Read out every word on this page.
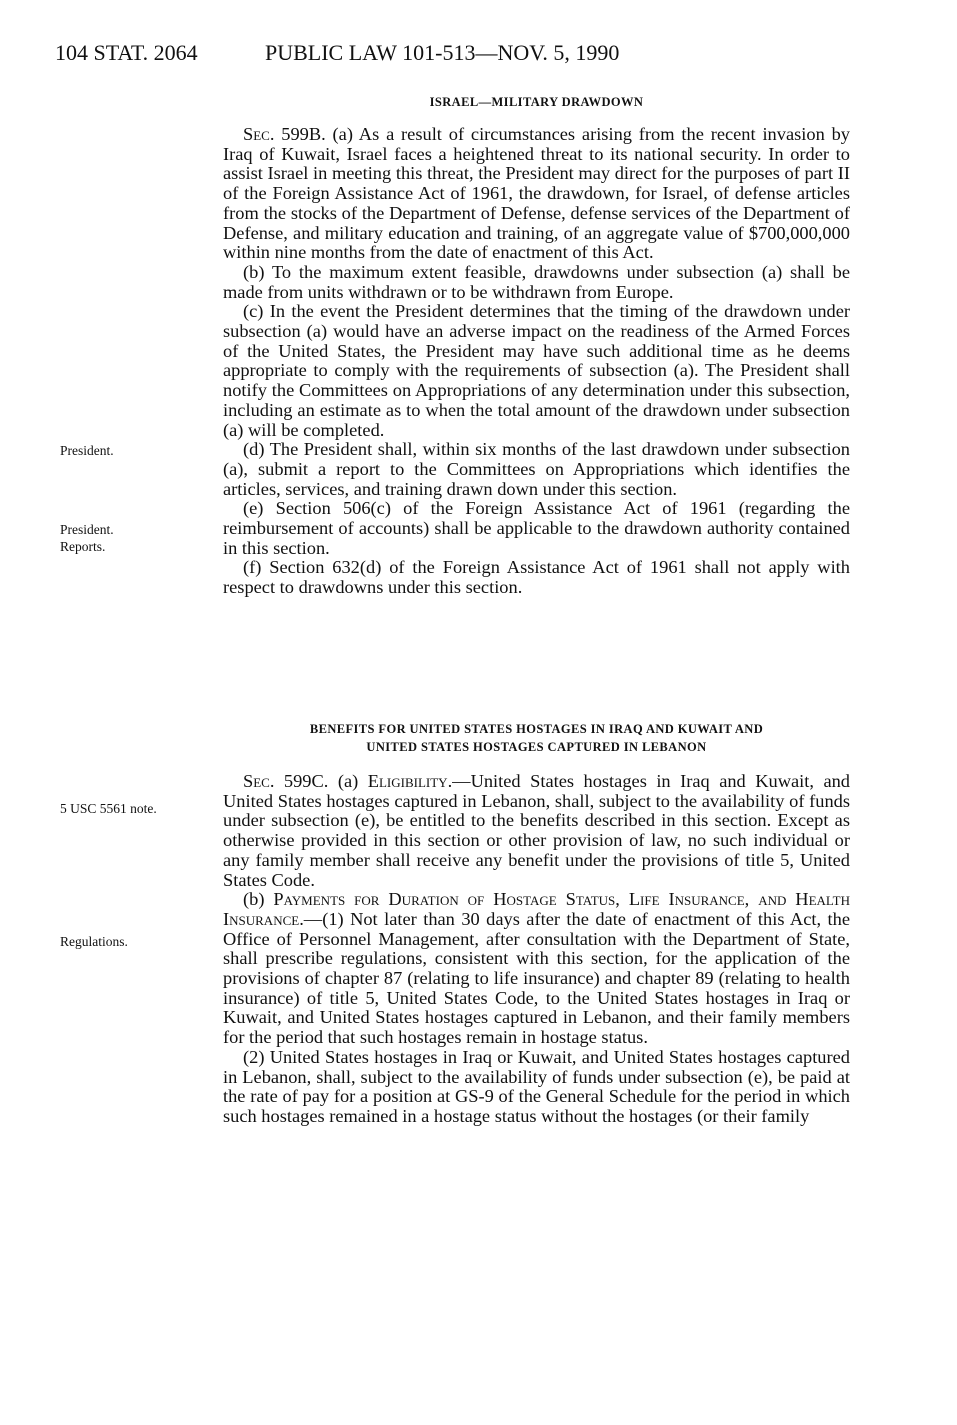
104 STAT. 2064	PUBLIC LAW 101-513—NOV. 5, 1990
ISRAEL—MILITARY DRAWDOWN

Sec. 599B. (a) As a result of circumstances arising from the recent invasion by Iraq of Kuwait, Israel faces a heightened threat to its national security. In order to assist Israel in meeting this threat, the President may direct for the purposes of part II of the Foreign Assistance Act of 1961, the drawdown, for Israel, of defense articles from the stocks of the Department of Defense, defense services of the Department of Defense, and military education and training, of an aggregate value of $700,000,000 within nine months from the date of enactment of this Act.

(b) To the maximum extent feasible, drawdowns under subsection (a) shall be made from units withdrawn or to be withdrawn from Europe.

(c) In the event the President determines that the timing of the drawdown under subsection (a) would have an adverse impact on the readiness of the Armed Forces of the United States, the President may have such additional time as he deems appropriate to comply with the requirements of subsection (a). The President shall notify the Committees on Appropriations of any determination under this subsection, including an estimate as to when the total amount of the drawdown under subsection (a) will be completed.

(d) The President shall, within six months of the last drawdown under subsection (a), submit a report to the Committees on Appropriations which identifies the articles, services, and training drawn down under this section.

(e) Section 506(c) of the Foreign Assistance Act of 1961 (regarding the reimbursement of accounts) shall be applicable to the drawdown authority contained in this section.

(f) Section 632(d) of the Foreign Assistance Act of 1961 shall not apply with respect to drawdowns under this section.

BENEFITS FOR UNITED STATES HOSTAGES IN IRAQ AND KUWAIT AND
UNITED STATES HOSTAGES CAPTURED IN LEBANON

Sec. 599C. (a) Eligibility.—United States hostages in Iraq and Kuwait, and United States hostages captured in Lebanon, shall, subject to the availability of funds under subsection (e), be entitled to the benefits described in this section. Except as otherwise provided in this section or other provision of law, no such individual or any family member shall receive any benefit under the provisions of title 5, United States Code.

(b) Payments for Duration of Hostage Status, Life Insurance, and Health Insurance.—(1) Not later than 30 days after the date of enactment of this Act, the Office of Personnel Management, after consultation with the Department of State, shall prescribe regulations, consistent with this section, for the application of the provisions of chapter 87 (relating to life insurance) and chapter 89 (relating to health insurance) of title 5, United States Code, to the United States hostages in Iraq or Kuwait, and United States hostages captured in Lebanon, and their family members for the period that such hostages remain in hostage status.

(2) United States hostages in Iraq or Kuwait, and United States hostages captured in Lebanon, shall, subject to the availability of funds under subsection (e), be paid at the rate of pay for a position at GS-9 of the General Schedule for the period in which such hostages remained in a hostage status without the hostages (or their family

President.
President.
Reports.
5 USC 5561 note.
Regulations.
